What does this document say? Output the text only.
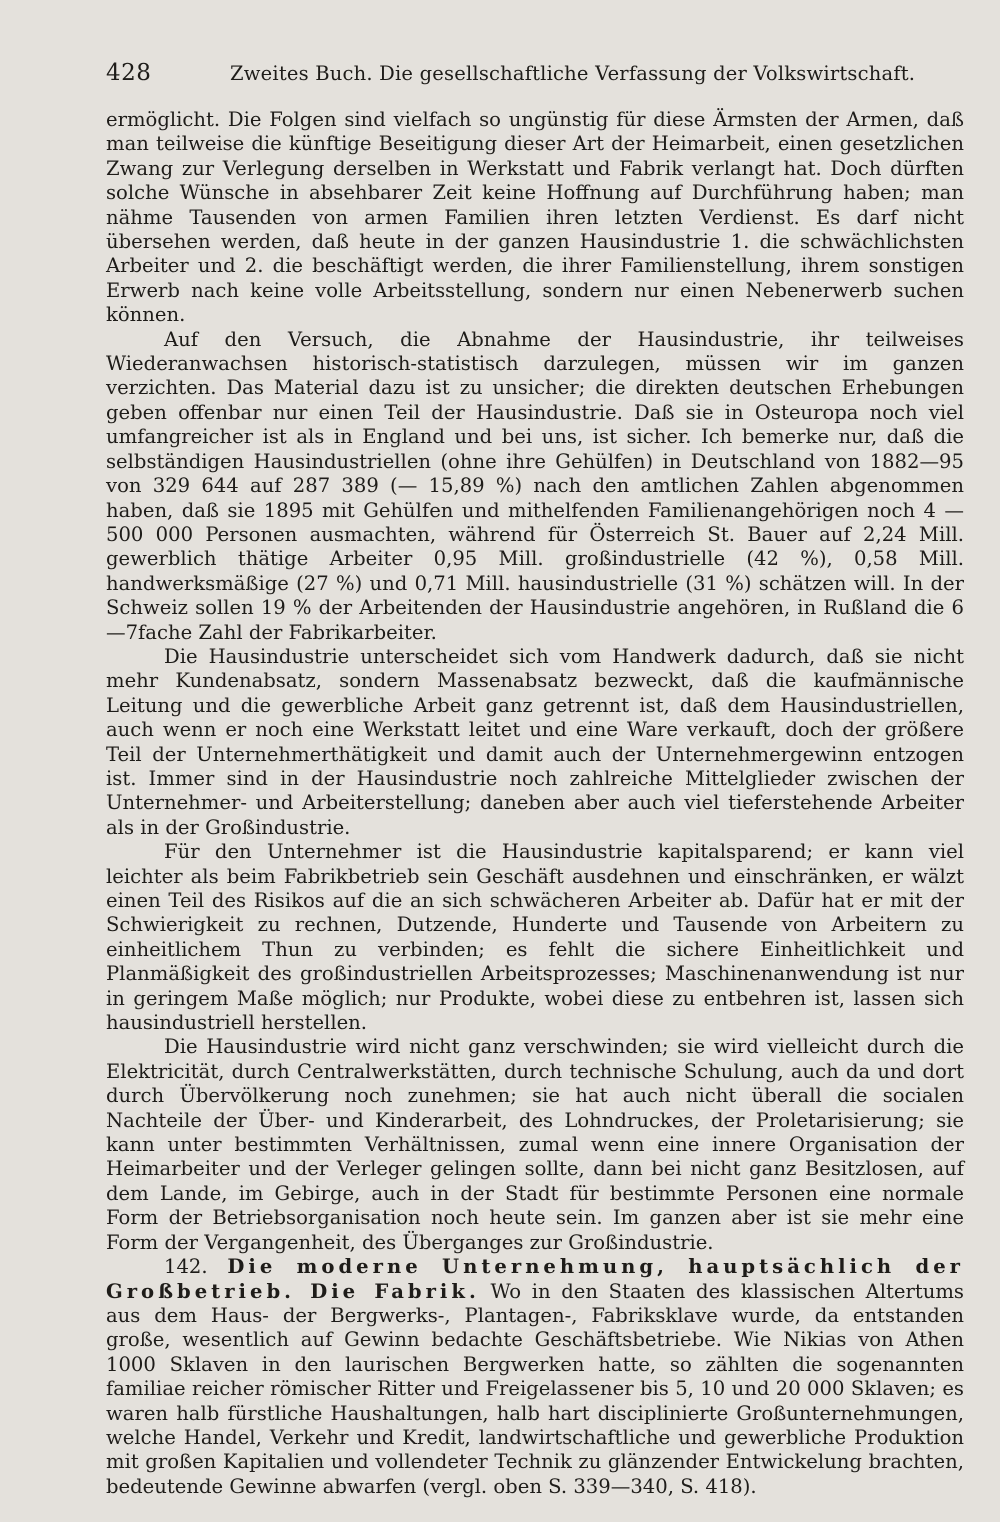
428	Zweites Buch. Die gesellschaftliche Verfassung der Volkswirtschaft.

ermöglicht. Die Folgen sind vielfach so ungünstig für diese Ärmsten der Armen, daß man teilweise die künftige Beseitigung dieser Art der Heimarbeit, einen gesetzlichen Zwang zur Verlegung derselben in Werkstatt und Fabrik verlangt hat. Doch dürften solche Wünsche in absehbarer Zeit keine Hoffnung auf Durchführung haben; man nähme Tausenden von armen Familien ihren letzten Verdienst. Es darf nicht übersehen werden, daß heute in der ganzen Hausindustrie 1. die schwächlichsten Arbeiter und 2. die beschäftigt werden, die ihrer Familienstellung, ihrem sonstigen Erwerb nach keine volle Arbeitsstellung, sondern nur einen Nebenerwerb suchen können.

Auf den Versuch, die Abnahme der Hausindustrie, ihr teilweises Wiederanwachsen historisch-statistisch darzulegen, müssen wir im ganzen verzichten. Das Material dazu ist zu unsicher; die direkten deutschen Erhebungen geben offenbar nur einen Teil der Hausindustrie. Daß sie in Osteuropa noch viel umfangreicher ist als in England und bei uns, ist sicher. Ich bemerke nur, daß die selbständigen Hausindustriellen (ohne ihre Gehülfen) in Deutschland von 1882—95 von 329 644 auf 287 389 (— 15,89 %) nach den amtlichen Zahlen abgenommen haben, daß sie 1895 mit Gehülfen und mithelfenden Familienangehörigen noch 4 — 500 000 Personen ausmachten, während für Österreich St. Bauer auf 2,24 Mill. gewerblich thätige Arbeiter 0,95 Mill. großindustrielle (42 %), 0,58 Mill. handwerksmäßige (27 %) und 0,71 Mill. hausindustrielle (31 %) schätzen will. In der Schweiz sollen 19 % der Arbeitenden der Hausindustrie angehören, in Rußland die 6—7fache Zahl der Fabrikarbeiter.

Die Hausindustrie unterscheidet sich vom Handwerk dadurch, daß sie nicht mehr Kundenabsatz, sondern Massenabsatz bezweckt, daß die kaufmännische Leitung und die gewerbliche Arbeit ganz getrennt ist, daß dem Hausindustriellen, auch wenn er noch eine Werkstatt leitet und eine Ware verkauft, doch der größere Teil der Unternehmerthätigkeit und damit auch der Unternehmergewinn entzogen ist. Immer sind in der Hausindustrie noch zahlreiche Mittelglieder zwischen der Unternehmer- und Arbeiterstellung; daneben aber auch viel tieferstehende Arbeiter als in der Großindustrie.

Für den Unternehmer ist die Hausindustrie kapitalsparend; er kann viel leichter als beim Fabrikbetrieb sein Geschäft ausdehnen und einschränken, er wälzt einen Teil des Risikos auf die an sich schwächeren Arbeiter ab. Dafür hat er mit der Schwierigkeit zu rechnen, Dutzende, Hunderte und Tausende von Arbeitern zu einheitlichem Thun zu verbinden; es fehlt die sichere Einheitlichkeit und Planmäßigkeit des großindustriellen Arbeitsprozesses; Maschinenanwendung ist nur in geringem Maße möglich; nur Produkte, wobei diese zu entbehren ist, lassen sich hausindustriell herstellen.

Die Hausindustrie wird nicht ganz verschwinden; sie wird vielleicht durch die Elektricität, durch Centralwerkstätten, durch technische Schulung, auch da und dort durch Übervölkerung noch zunehmen; sie hat auch nicht überall die socialen Nachteile der Über- und Kinderarbeit, des Lohndruckes, der Proletarisierung; sie kann unter bestimmten Verhältnissen, zumal wenn eine innere Organisation der Heimarbeiter und der Verleger gelingen sollte, dann bei nicht ganz Besitzlosen, auf dem Lande, im Gebirge, auch in der Stadt für bestimmte Personen eine normale Form der Betriebsorganisation noch heute sein. Im ganzen aber ist sie mehr eine Form der Vergangenheit, des Überganges zur Großindustrie.

142. Die moderne Unternehmung, hauptsächlich der Großbetrieb. Die Fabrik. Wo in den Staaten des klassischen Altertums aus dem Haus- der Bergwerks-, Plantagen-, Fabriksklave wurde, da entstanden große, wesentlich auf Gewinn bedachte Geschäftsbetriebe. Wie Nikias von Athen 1000 Sklaven in den laurischen Bergwerken hatte, so zählten die sogenannten familiae reicher römischer Ritter und Freigelassener bis 5, 10 und 20 000 Sklaven; es waren halb fürstliche Haushaltungen, halb hart disciplinierte Großunternehmungen, welche Handel, Verkehr und Kredit, landwirtschaftliche und gewerbliche Produktion mit großen Kapitalien und vollendeter Technik zu glänzender Entwickelung brachten, bedeutende Gewinne abwarfen (vergl. oben S. 339—340, S. 418).
